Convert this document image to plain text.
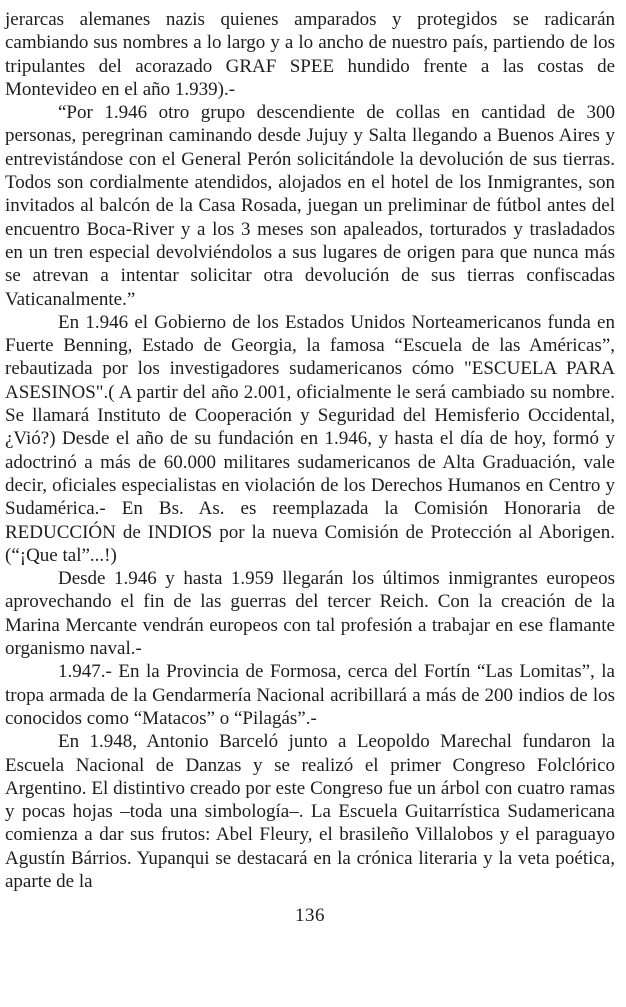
jerarcas alemanes nazis quienes amparados y protegidos se radicarán cambiando sus nombres a lo largo y a lo ancho de nuestro país, partiendo de los tripulantes del acorazado GRAF SPEE hundido frente a las costas de Montevideo en el año 1.939).-

“Por 1.946 otro grupo descendiente de collas en cantidad de 300 personas, peregrinan caminando desde Jujuy y Salta llegando a Buenos Aires y entrevistándose con el General Perón solicitándole la devolución de sus tierras. Todos son cordialmente atendidos, alojados en el hotel de los Inmigrantes, son invitados al balcón de la Casa Rosada, juegan un preliminar de fútbol antes del encuentro Boca-River y a los 3 meses son apaleados, torturados y trasladados en un tren especial devolviéndolos a sus lugares de origen para que nunca más se atrevan a intentar solicitar otra devolución de sus tierras confiscadas Vaticanalmente.”

En 1.946 el Gobierno de los Estados Unidos Norteamericanos funda en Fuerte Benning, Estado de Georgia, la famosa “Escuela de las Américas”, rebautizada por los investigadores sudamericanos cómo "ESCUELA PARA ASESINOS".( A partir del año 2.001, oficialmente le será cambiado su nombre. Se llamará Instituto de Cooperación y Seguridad del Hemisferio Occidental, ¿Vió?) Desde el año de su fundación en 1.946, y hasta el día de hoy, formó y adoctrinó a más de 60.000 militares sudamericanos de Alta Graduación, vale decir, oficiales especialistas en violación de los Derechos Humanos en Centro y Sudamérica.- En Bs. As. es reemplazada la Comisión Honoraria de REDUCCIÓN de INDIOS por la nueva Comisión de Protección al Aborigen. (“¡Que tal”...!)

Desde 1.946 y hasta 1.959 llegarán los últimos inmigrantes europeos aprovechando el fin de las guerras del tercer Reich. Con la creación de la Marina Mercante vendrán europeos con tal profesión a trabajar en ese flamante organismo naval.-

1.947.- En la Provincia de Formosa, cerca del Fortín “Las Lomitas”, la tropa armada de la Gendarmería Nacional acribillará a más de 200 indios de los conocidos como “Matacos” o “Pilagás”.-

En 1.948, Antonio Barceló junto a Leopoldo Marechal fundaron la Escuela Nacional de Danzas y se realizó el primer Congreso Folclórico Argentino. El distintivo creado por este Congreso fue un árbol con cuatro ramas y pocas hojas –toda una simbología–. La Escuela Guitarrística Sudamericana comienza a dar sus frutos: Abel Fleury, el brasileño Villalobos y el paraguayo Agustín Bárrios. Yupanqui se destacará en la crónica literaria y la veta poética, aparte de la

136
